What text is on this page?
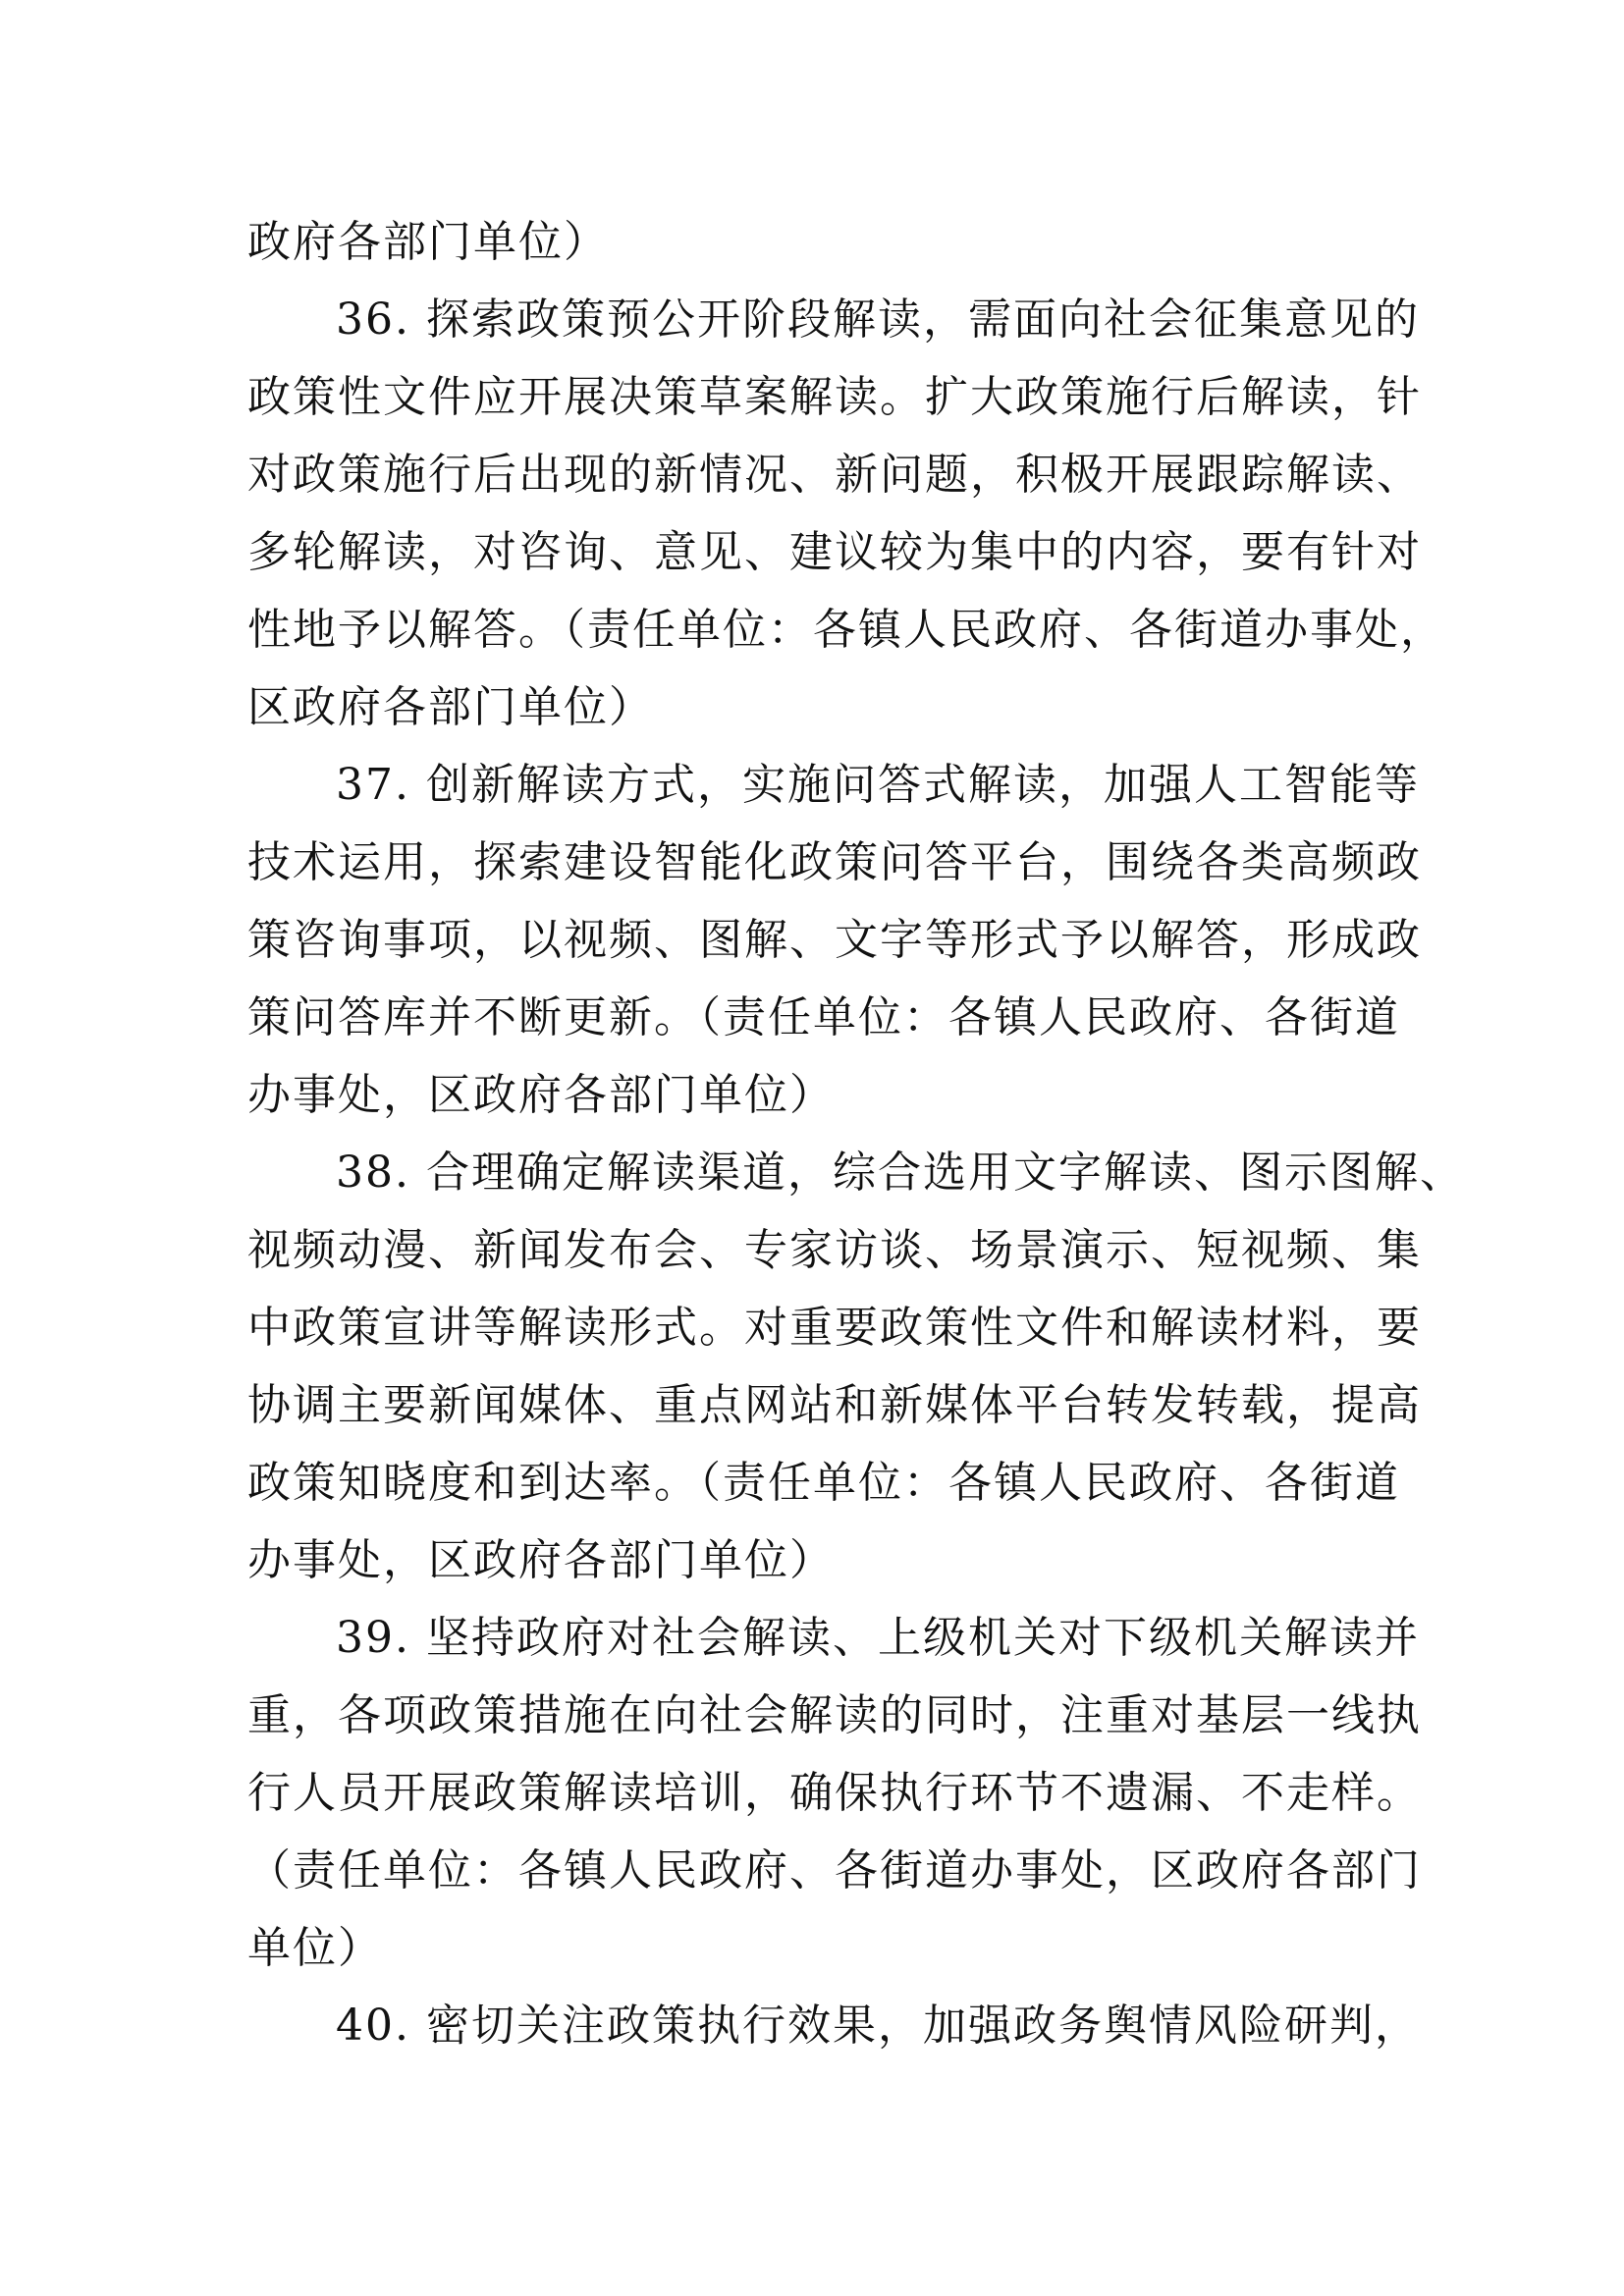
政府各部门单位）
36. 探索政策预公开阶段解读，需面向社会征集意见的
政策性文件应开展决策草案解读。扩大政策施行后解读，针
对政策施行后出现的新情况、新问题，积极开展跟踪解读、
多轮解读，对咨询、意见、建议较为集中的内容，要有针对
性地予以解答。（责任单位：各镇人民政府、各街道办事处，
区政府各部门单位）
37. 创新解读方式，实施问答式解读，加强人工智能等
技术运用，探索建设智能化政策问答平台，围绕各类高频政
策咨询事项，以视频、图解、文字等形式予以解答，形成政
策问答库并不断更新。（责任单位：各镇人民政府、各街道
办事处，区政府各部门单位）
38. 合理确定解读渠道，综合选用文字解读、图示图解、
视频动漫、新闻发布会、专家访谈、场景演示、短视频、集
中政策宣讲等解读形式。对重要政策性文件和解读材料，要
协调主要新闻媒体、重点网站和新媒体平台转发转载，提高
政策知晓度和到达率。（责任单位：各镇人民政府、各街道
办事处，区政府各部门单位）
39. 坚持政府对社会解读、上级机关对下级机关解读并
重，各项政策措施在向社会解读的同时，注重对基层一线执
行人员开展政策解读培训，确保执行环节不遗漏、不走样。
（责任单位：各镇人民政府、各街道办事处，区政府各部门
单位）
40. 密切关注政策执行效果，加强政务舆情风险研判，
